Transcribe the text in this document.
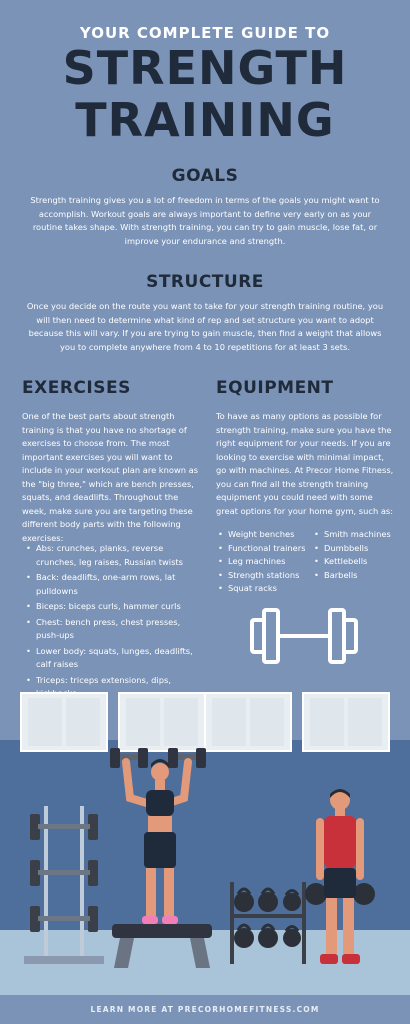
YOUR COMPLETE GUIDE TO
STRENGTH
TRAINING
GOALS
Strength training gives you a lot of freedom in terms of the goals you might want to accomplish. Workout goals are always important to define very early on as your routine takes shape. With strength training, you can try to gain muscle, lose fat, or improve your endurance and strength.
STRUCTURE
Once you decide on the route you want to take for your strength training routine, you will then need to determine what kind of rep and set structure you want to adopt because this will vary. If you are trying to gain muscle, then find a weight that allows you to complete anywhere from 4 to 10 repetitions for at least 3 sets.
EXERCISES
One of the best parts about strength training is that you have no shortage of exercises to choose from. The most important exercises you will want to include in your workout plan are known as the "big three," which are bench presses, squats, and deadlifts. Throughout the week, make sure you are targeting these different body parts with the following exercises:
• Abs: crunches, planks, reverse crunches, leg raises, Russian twists
• Back: deadlifts, one-arm rows, lat pulldowns
• Biceps: biceps curls, hammer curls
• Chest: bench press, chest presses, push-ups
• Lower body: squats, lunges, deadlifts, calf raises
• Triceps: triceps extensions, dips,
EQUIPMENT
To have as many options as possible for strength training, make sure you have the right equipment for your needs. If you are looking to exercise with minimal impact, go with machines. At Precor Home Fitness, you can find all the strength training equipment you could need with some great options for your home gym, such as:
• Weight benches
• Functional trainers
• Leg machines
• Strength stations
• Squat racks
• Smith machines
• Dumbbells
• Kettlebells
• Barbells
LEARN MORE AT PRECORHOMEFITNESS.COM
